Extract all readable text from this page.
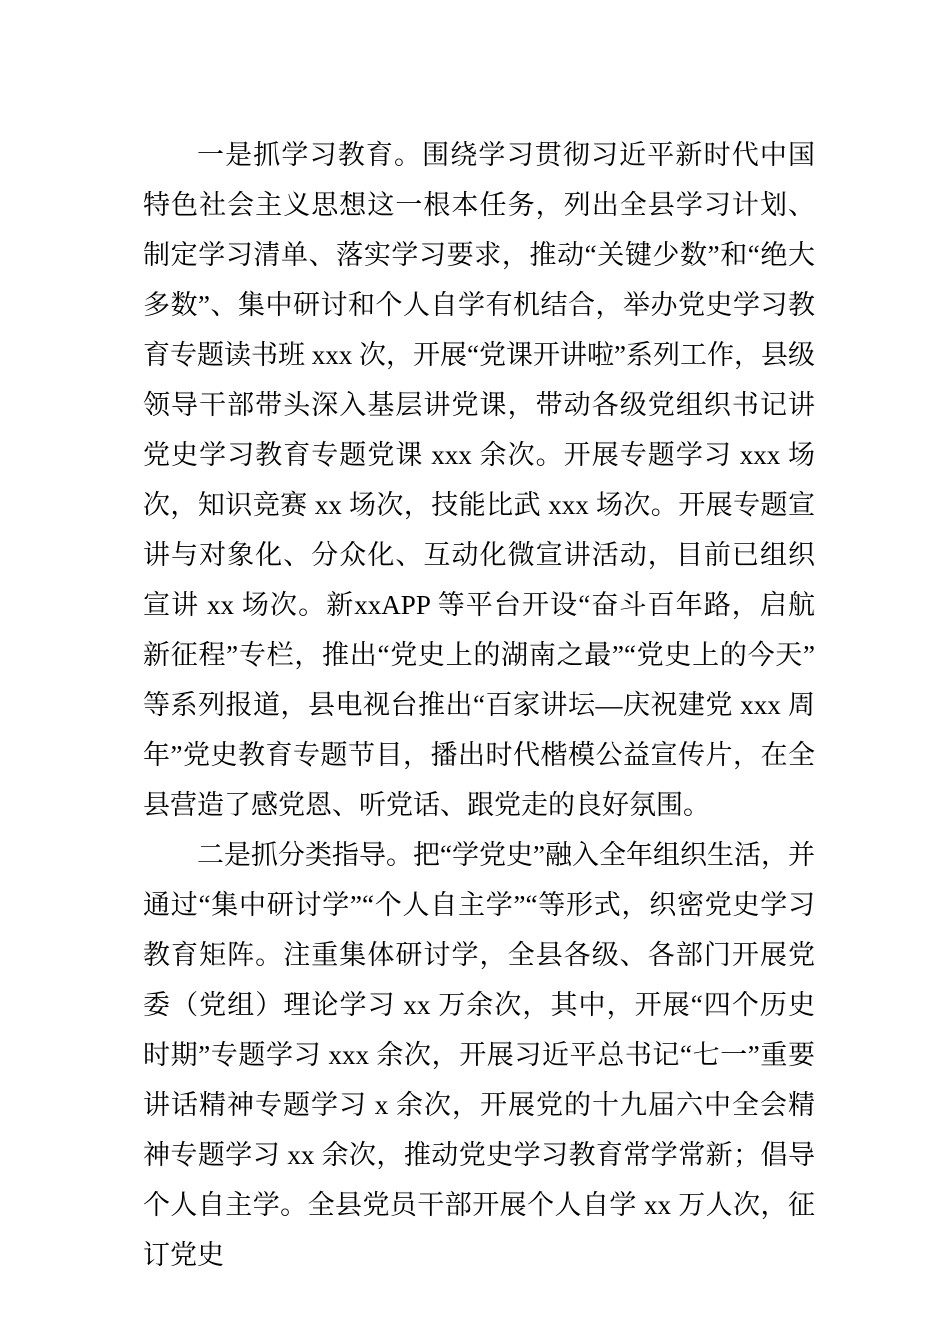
一是抓学习教育。围绕学习贯彻习近平新时代中国特色社会主义思想这一根本任务，列出全县学习计划、制定学习清单、落实学习要求，推动“关键少数”和“绝大多数”、集中研讨和个人自学有机结合，举办党史学习教育专题读书班 xxx 次，开展“党课开讲啦”系列工作，县级领导干部带头深入基层讲党课，带动各级党组织书记讲党史学习教育专题党课 xxx 余次。开展专题学习 xxx 场次，知识竞赛 xx 场次，技能比武 xxx 场次。开展专题宣讲与对象化、分众化、互动化微宣讲活动，目前已组织宣讲 xx 场次。新xxAPP 等平台开设“奋斗百年路，启航新征程”专栏，推出“党史上的湖南之最”“党史上的今天”等系列报道，县电视台推出“百家讲坛—庆祝建党 xxx 周年”党史教育专题节目，播出时代楷模公益宣传片，在全县营造了感党恩、听党话、跟党走的良好氛围。

二是抓分类指导。把“学党史”融入全年组织生活，并通过“集中研讨学”“个人自主学”“等形式，织密党史学习教育矩阵。注重集体研讨学，全县各级、各部门开展党委（党组）理论学习 xx 万余次，其中，开展“四个历史时期”专题学习 xxx 余次，开展习近平总书记“七一”重要讲话精神专题学习 x 余次，开展党的十九届六中全会精神专题学习 xx 余次，推动党史学习教育常学常新；倡导个人自主学。全县党员干部开展个人自学 xx 万人次，征订党史
